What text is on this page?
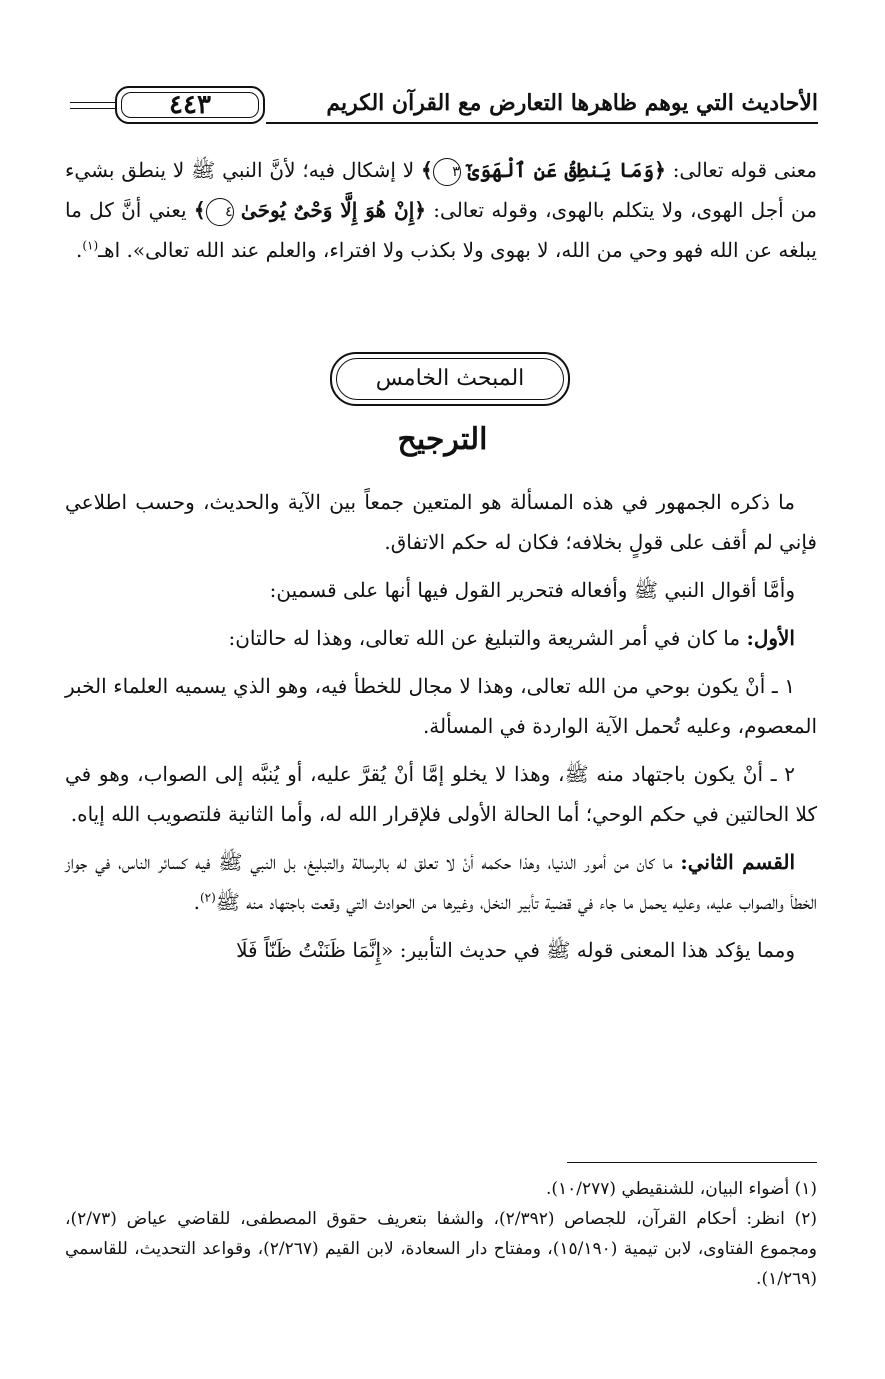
الأحاديث التي يوهم ظاهرها التعارض مع القرآن الكريم
٤٤٣

معنى قوله تعالى: ﴿وَمَا يَنطِقُ عَنِ ٱلْهَوَىٰٓ ٣﴾ لا إشكال فيه؛ لأنَّ النبي ﷺ لا ينطق بشيء من أجل الهوى، ولا يتكلم بالهوى، وقوله تعالى: ﴿إِنْ هُوَ إِلَّا وَحْىٌ يُوحَىٰ ٤﴾ يعني أنَّ كل ما يبلغه عن الله فهو وحي من الله، لا بهوى ولا بكذب ولا افتراء، والعلم عند الله تعالى». اهـ$^{(١)}$.

المبحث الخامس
الترجيح

ما ذكره الجمهور في هذه المسألة هو المتعين جمعاً بين الآية والحديث، وحسب اطلاعي فإني لم أقف على قولٍ بخلافه؛ فكان له حكم الاتفاق.

وأمَّا أقوال النبي ﷺ وأفعاله فتحرير القول فيها أنها على قسمين:

الأول: ما كان في أمر الشريعة والتبليغ عن الله تعالى، وهذا له حالتان:

١ ـ أنْ يكون بوحي من الله تعالى، وهذا لا مجال للخطأ فيه، وهو الذي يسميه العلماء الخبر المعصوم، وعليه تُحمل الآية الواردة في المسألة.

٢ ـ أنْ يكون باجتهاد منه ﷺ، وهذا لا يخلو إمَّا أنْ يُقرَّ عليه، أو يُنبَّه إلى الصواب، وهو في كلا الحالتين في حكم الوحي؛ أما الحالة الأولى فلإقرار الله له، وأما الثانية فلتصويب الله إياه.

القسم الثاني: ما كان من أمور الدنيا، وهذا حكمه أنْ لا تعلق له بالرسالة والتبليغ، بل النبي ﷺ فيه كسائر الناس، في جواز الخطأ والصواب عليه، وعليه يحمل ما جاء في قضية تأبير النخل، وغيرها من الحوادث التي وقعت باجتهاد منه ﷺ$^{(٢)}$.

ومما يؤكد هذا المعنى قوله ﷺ في حديث التأبير: «إِنَّمَا ظَنَنْتُ ظَنّاً فَلَا

(١) أضواء البيان، للشنقيطي (١٠/٢٧٧).

(٢) انظر: أحكام القرآن، للجصاص (٢/٣٩٢)، والشفا بتعريف حقوق المصطفى، للقاضي عياض (٢/٧٣)، ومجموع الفتاوى، لابن تيمية (١٥/١٩٠)، ومفتاح دار السعادة، لابن القيم (٢/٢٦٧)، وقواعد التحديث، للقاسمي (١/٢٦٩).
